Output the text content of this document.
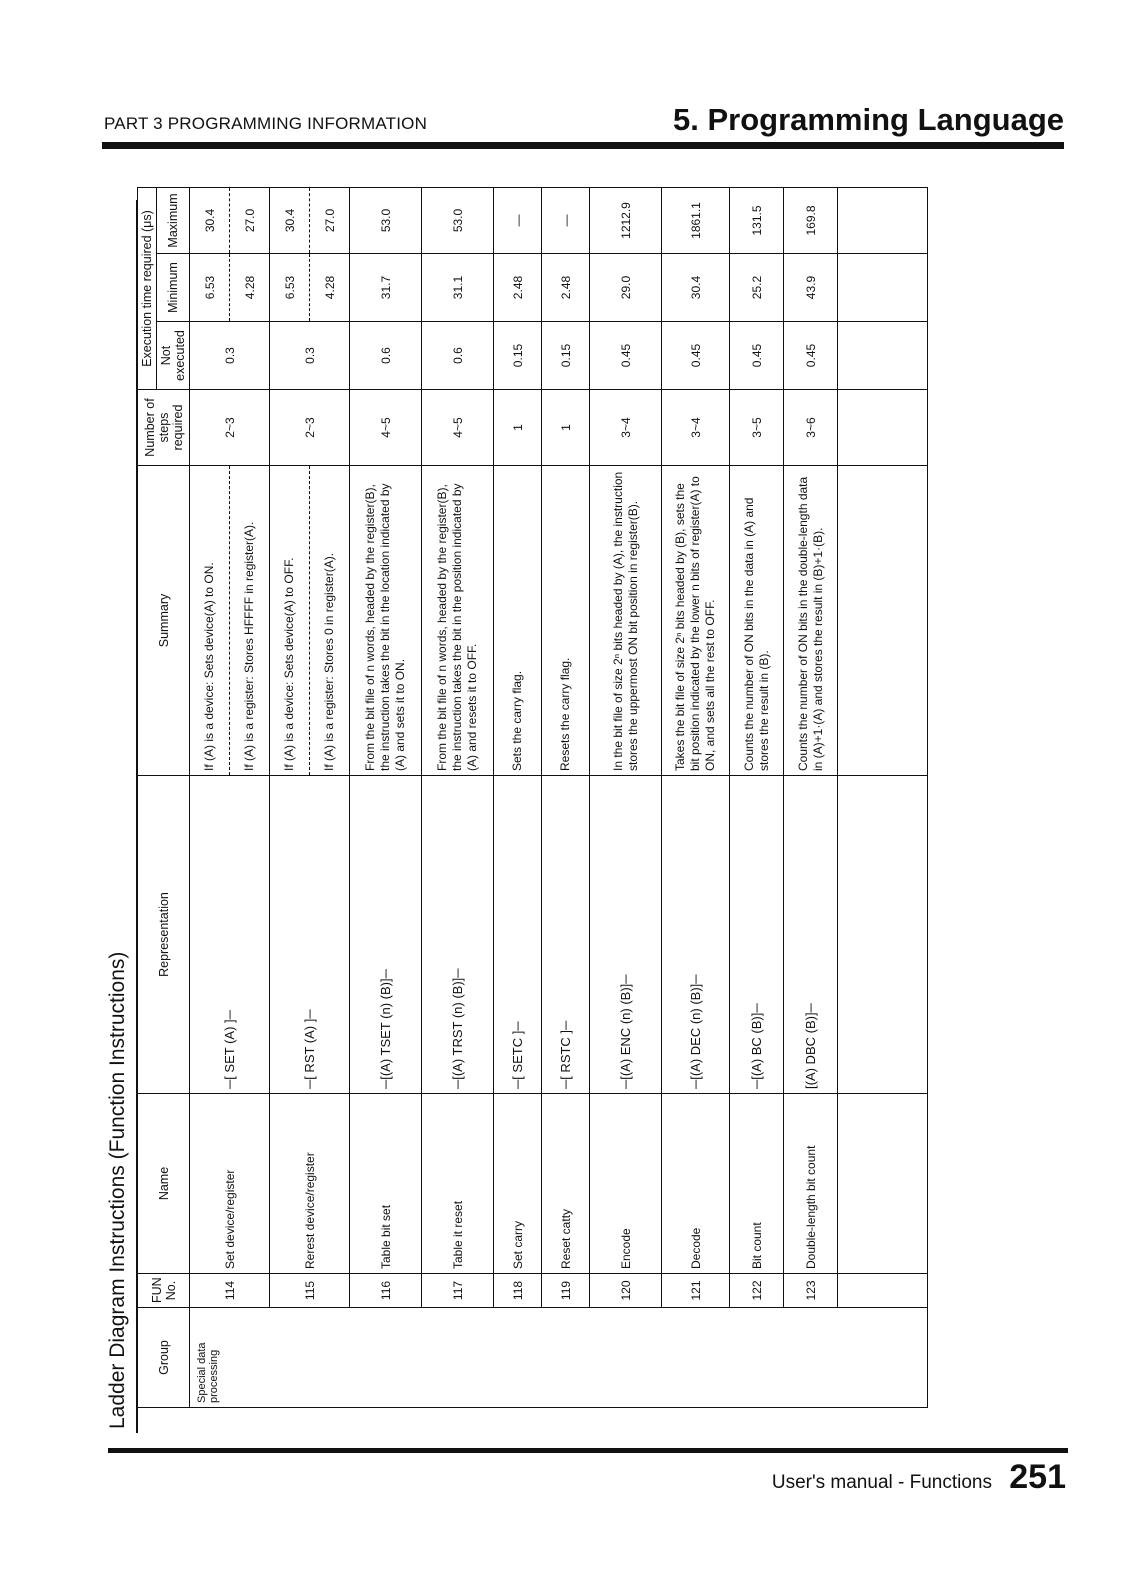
PART 3 PROGRAMMING INFORMATION	5. Programming Language
Ladder Diagram Instructions (Function Instructions) Group	FUN No.	Name	Representation	Summary	Number of steps required	Execution time required (μs)		
						Not executed	Minimum	Maximum
Special data processing	114	Set device/register	─[ SET (A) ]─	If (A) is a device: Sets device(A) to ON.	2~3	0.3	6.53	30.4
				If (A) is a register: Stores HFFFF in register(A).			4.28	27.0
	115	Rerest device/register	─[ RST (A) ]─	If (A) is a device: Sets device(A) to OFF.	2~3	0.3	6.53	30.4
				If (A) is a register: Stores 0 in register(A).			4.28	27.0
	116	Table bit set	─[(A) TSET (n) (B)]─	From the bit file of n words, headed by the register(B), the instruction takes the bit in the location indicated by (A) and sets it to ON.	4~5	0.6	31.7	53.0
	117	Table it reset	─[(A) TRST (n) (B)]─	From the bit file of n words, headed by the register(B), the instruction takes the bit in the position indicated by (A) and resets it to OFF.	4~5	0.6	31.1	53.0
	118	Set carry	─[ SETC ]─	Sets the carry flag.	1	0.15	2.48	—
	119	Reset catty	─[ RSTC ]─	Resets the carry flag.	1	0.15	2.48	—
	120	Encode	─[(A) ENC (n) (B)]─	In the bit file of size 2ⁿ bits headed by (A), the instruction stores the uppermost ON bit position in register(B).	3~4	0.45	29.0	1212.9
	121	Decode	─[(A) DEC (n) (B)]─	Takes the bit file of size 2ⁿ bits headed by (B), sets the bit position indicated by the lower n bits of register(A) to ON, and sets all the rest to OFF.	3~4	0.45	30.4	1861.1
	122	Bit count	─[(A) BC (B)]─	Counts the number of ON bits in the data in (A) and stores the result in (B).	3~5	0.45	25.2	131.5
	123	Double-length bit count	[(A) DBC (B)]─	Counts the number of ON bits in the double-length data in (A)+1·(A) and stores the result in (B)+1·(B).	3~6	0.45	43.9	169.8

User's manual - Functions 251
